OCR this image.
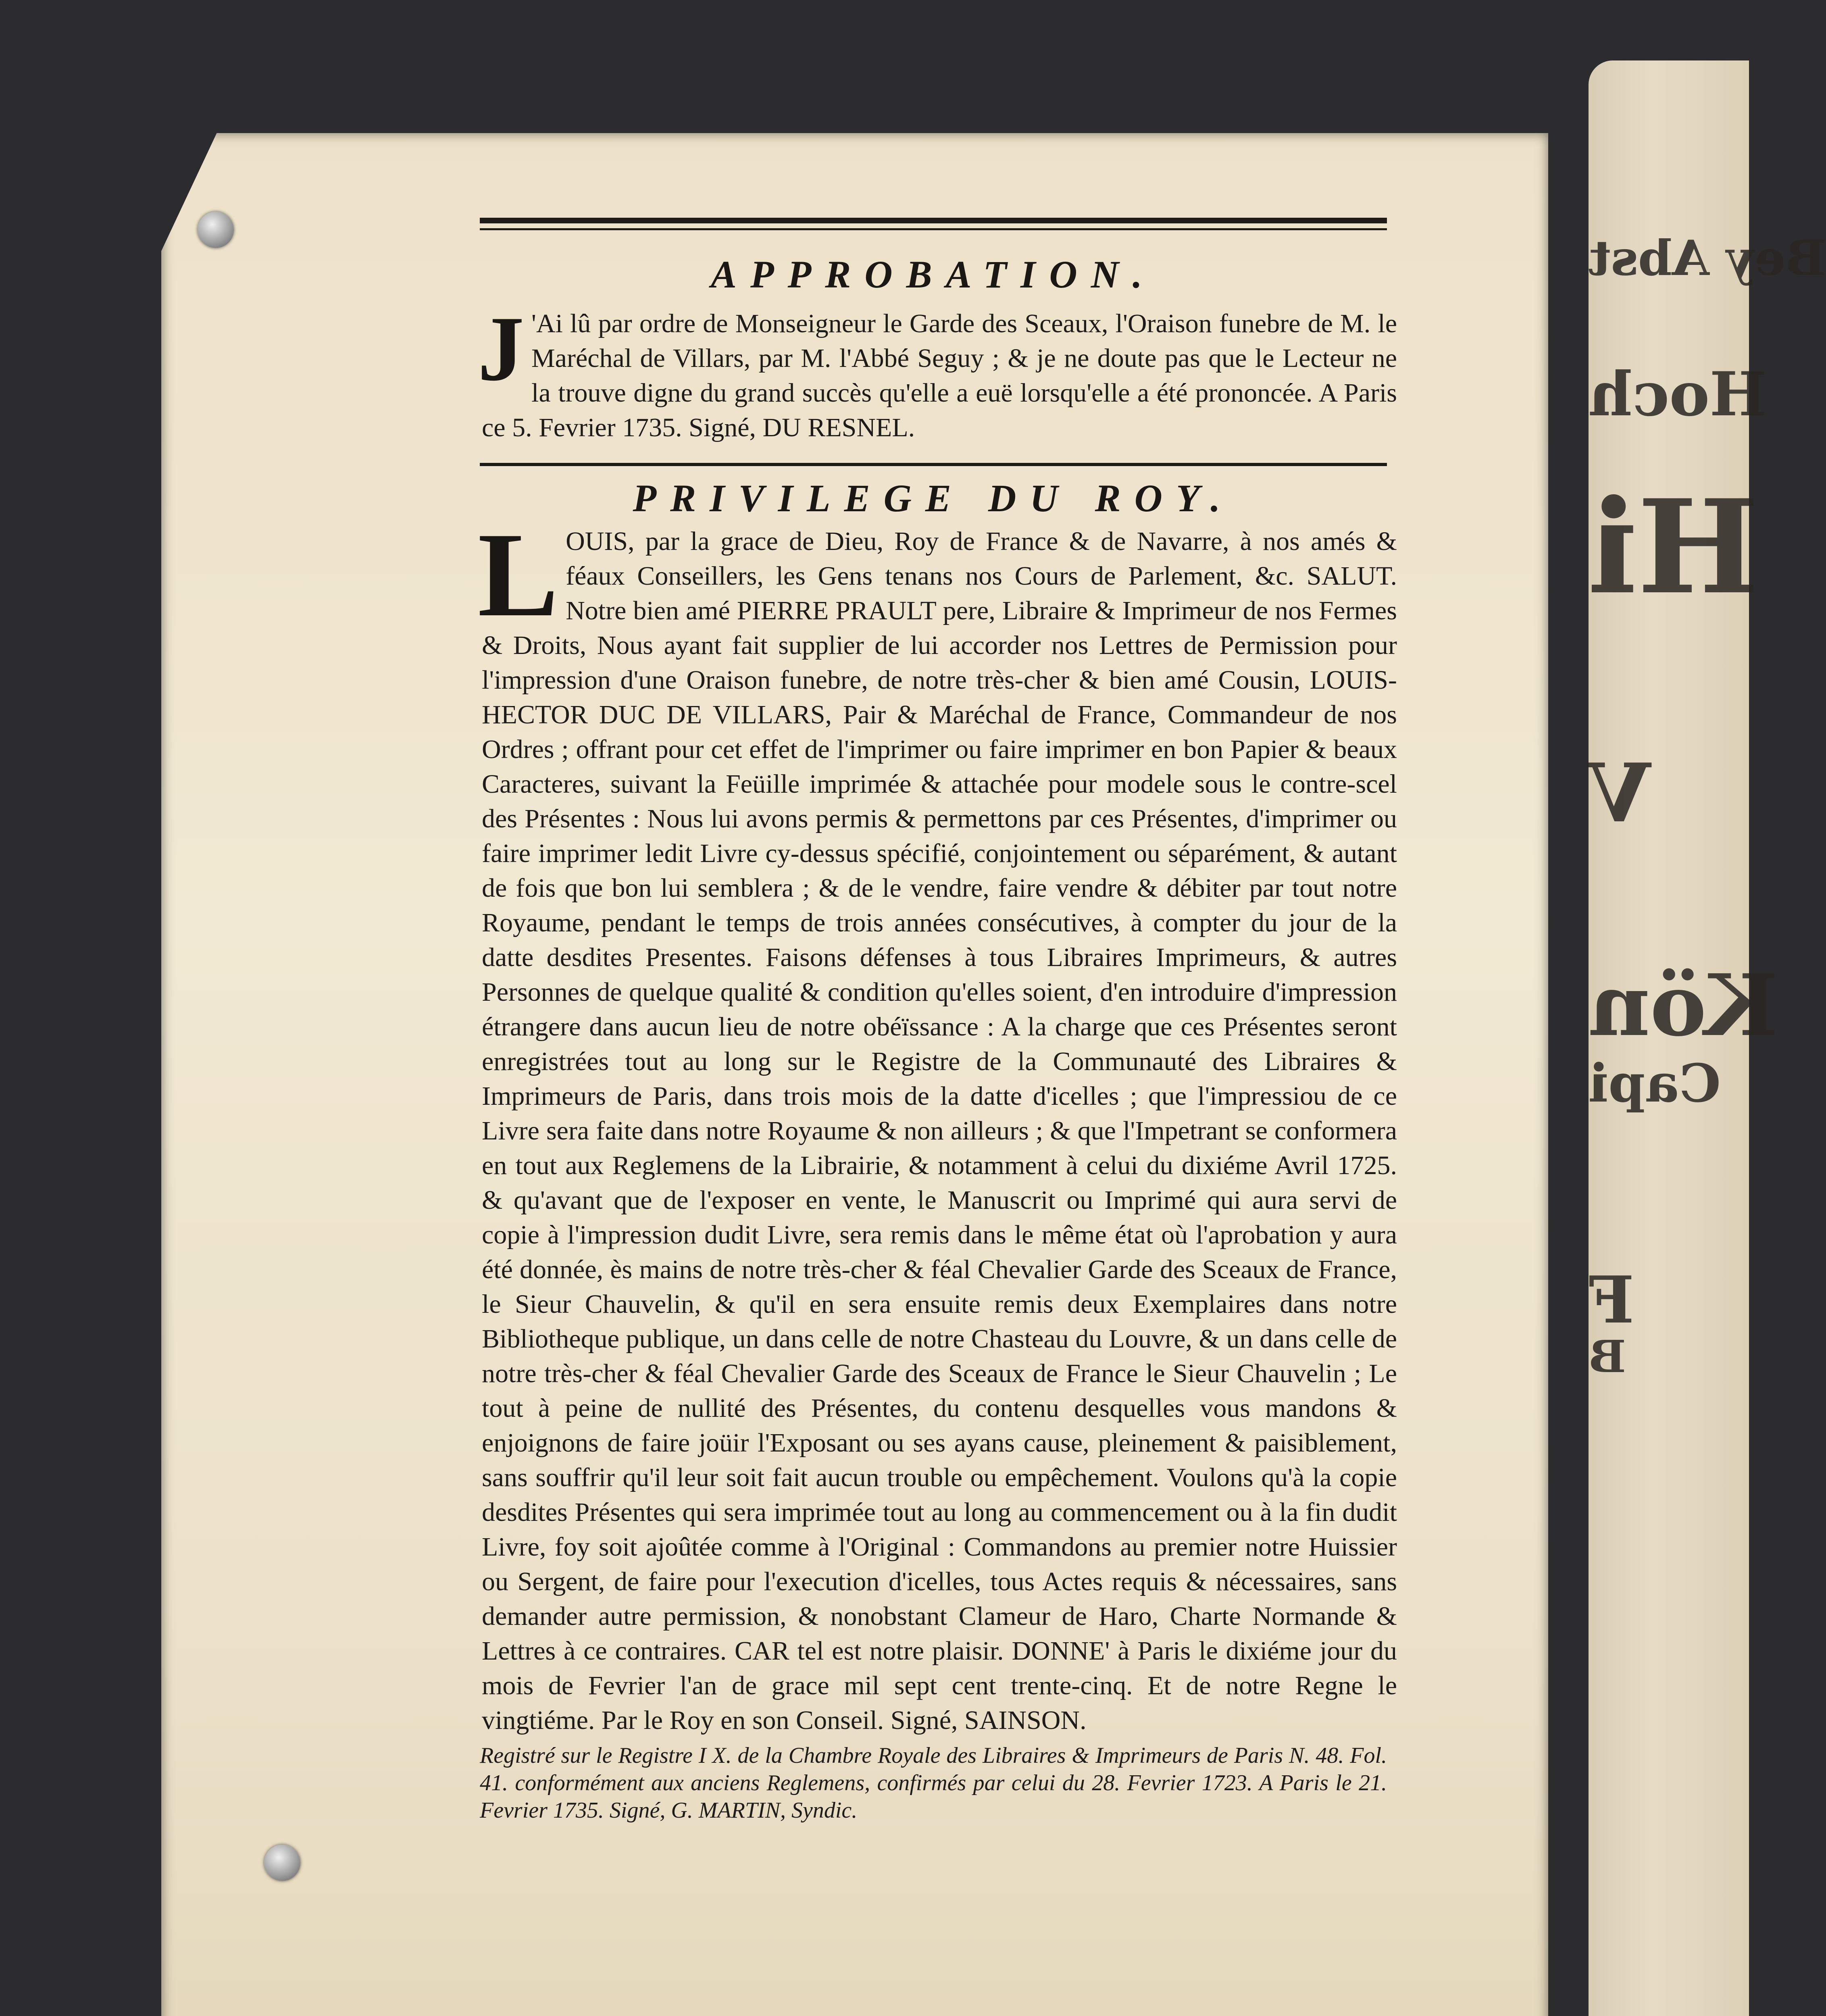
Bey Abst
Hoch
Hi
V
Kön
Capi
F
B
APPROBATION.
J 'Ai lû par ordre de Monseigneur le Garde des Sceaux, l'Oraison funebre de M. le Maréchal de Villars, par M. l'Abbé Seguy ; & je ne doute pas que le Lecteur ne la trouve digne du grand succès qu'elle a euë lorsqu'elle a été prononcée. A Paris ce 5. Fevrier 1735. Signé, DU RESNEL.

PRIVILEGE DU ROY.
L OUIS, par la grace de Dieu, Roy de France & de Navarre, à nos amés & féaux Conseillers, les Gens tenans nos Cours de Parlement, &c. SALUT. Notre bien amé PIERRE PRAULT pere, Libraire & Imprimeur de nos Fermes & Droits, Nous ayant fait supplier de lui accorder nos Lettres de Permission pour l'impression d'une Oraison funebre, de notre très-cher & bien amé Cousin, LOUIS-HECTOR DUC DE VILLARS, Pair & Maréchal de France, Commandeur de nos Ordres ; offrant pour cet effet de l'imprimer ou faire imprimer en bon Papier & beaux Caracteres, suivant la Feüille imprimée & attachée pour modele sous le contre-scel des Présentes : Nous lui avons permis & permettons par ces Présentes, d'imprimer ou faire imprimer ledit Livre cy-dessus spécifié, conjointement ou séparément, & autant de fois que bon lui semblera ; & de le vendre, faire vendre & débiter par tout notre Royaume, pendant le temps de trois années consécutives, à compter du jour de la datte desdites Presentes. Faisons défenses à tous Libraires Imprimeurs, & autres Personnes de quelque qualité & condition qu'elles soient, d'en introduire d'impression étrangere dans aucun lieu de notre obéïssance : A la charge que ces Présentes seront enregistrées tout au long sur le Registre de la Communauté des Libraires & Imprimeurs de Paris, dans trois mois de la datte d'icelles ; que l'impressiou de ce Livre sera faite dans notre Royaume & non ailleurs ; & que l'Impetrant se conformera en tout aux Reglemens de la Librairie, & notamment à celui du dixiéme Avril 1725. & qu'avant que de l'exposer en vente, le Manuscrit ou Imprimé qui aura servi de copie à l'impression dudit Livre, sera remis dans le même état où l'aprobation y aura été donnée, ès mains de notre très-cher & féal Chevalier Garde des Sceaux de France, le Sieur Chauvelin, & qu'il en sera ensuite remis deux Exemplaires dans notre Bibliotheque publique, un dans celle de notre Chasteau du Louvre, & un dans celle de notre très-cher & féal Chevalier Garde des Sceaux de France le Sieur Chauvelin ; Le tout à peine de nullité des Présentes, du contenu desquelles vous mandons & enjoignons de faire joüir l'Exposant ou ses ayans cause, pleinement & paisiblement, sans souffrir qu'il leur soit fait aucun trouble ou empêchement. Voulons qu'à la copie desdites Présentes qui sera imprimée tout au long au commencement ou à la fin dudit Livre, foy soit ajoûtée comme à l'Original : Commandons au premier notre Huissier ou Sergent, de faire pour l'execution d'icelles, tous Actes requis & nécessaires, sans demander autre permission, & nonobstant Clameur de Haro, Charte Normande & Lettres à ce contraires. CAR tel est notre plaisir. DONNE' à Paris le dixiéme jour du mois de Fevrier l'an de grace mil sept cent trente-cinq. Et de notre Regne le vingtiéme. Par le Roy en son Conseil. Signé, SAINSON.

Registré sur le Registre I X. de la Chambre Royale des Libraires & Imprimeurs de Paris N. 48. Fol. 41. conformément aux anciens Reglemens, confirmés par celui du 28. Fevrier 1723. A Paris le 21. Fevrier 1735. Signé, G. MARTIN, Syndic.
